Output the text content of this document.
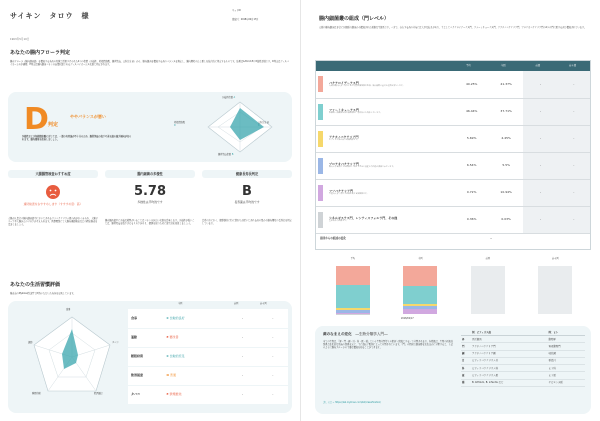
サイキン　タロウ　様
1963年5月10日
キットID
採取日：2018年02月17日
あなたの腸内フローラ判定
腸内フローラ（腸内細菌叢）を構成する各菌の特徴と関連づけられた4つの指標（多様性、短鎖脂肪酸、腸管免疫、口腔常在菌）から、腸内細菌を構成する菌のバランスを測定し、腸内環境の良し悪しを総合的に判定するものです。結果はA,B,C,D,Eの5段階評価です。D判定はディスバイオーシス予備群、E判定は腸内細菌バランス崩壊状態であるディスバイオーシス状態と判定されます。
D 判定
ややバランスが悪い
多様性および短鎖脂肪酸に対しては、一部の有用菌が不十分のため、腸管免疫の低下や善玉菌の減少傾向が見られます。腸内環境を改善しましょう。
多様性指数 A
口腔常在菌
C
腸管免疫指数 B
短鎖脂肪酸
D
大腸腸管検査おすすめ度
適切検査をおすすめします（すすすめ度：高）
大腸がん患者の腸内細菌叢中に多いとされるフソバクテリウム属の菌が多くみられ、大腸ポリープや大腸がんのリスクが考えられます。医療機関にて大腸内視鏡検査などの精密検査を受診しましょう。
腸内細菌の多様性
5.78
多様性は平均的です
腸内細菌叢中に多様な種類がいることはバランスが良い状態を意味します。多様性が低いことは、腸管免疫を低下させるリスクがあり、健康を保つために食生活を見直しましょう。
健康長寿長判定
B
長寿菌は平均的です
長寿の方に多く、健康維持に特に関わりが深いとされる菌の量から腸内環境の長寿度を判定しています。
あなたの生活習慣評価
検査前のMykinso問診票で回答いただいた内容を反映しています。
食事
タバコ
飲酒頻度
睡眠時間
運動
今回	前回	前々回
食事	C 比較的良好	-	-
運動	E 要改善	-	-
睡眠時間	C 比較的充足	-	-
飲酒頻度	D 普通	-	-
タバコ	E 禁煙推奨	-	-
腸内細菌叢の組成（門レベル）
人間の腸内細菌は非常に多数種の細菌から構成された複雑な生態系です。一方で、存在する菌の分布には大きな偏りがあり、主としてバクテロイデーテス門、ファーミキューテス門、アクチノバクテリア門、プロテオバクテリア門の4つの門に属する菌で構成されています。
平均	今回	前回	前々回

	バクテロイデーテス門
人間の腸内に多く存在する代表的な細菌群の総称。腸内発酵に重要な役割を果たします。	40.25%	41.37%	-	-

	ファーミキューテス門
乳酸菌・酪酸菌を含む細菌群で、免疫系にも関係しています。	46.44%	37.71%	-	-

	アクチノバクテリア門
ビフィズス菌が属する細菌群です。	5.69%	4.45%	-	-

	プロテオバクテリア門
腸内に少量存在する菌群で、増えすぎると炎症との関連が指摘されています。	6.54%	5.5%	-	-

	フソバクテリア門
口腔内に多く存在する菌が属する細菌群です。	0.72%	10.94%	-	-

	シネルギステス門、レンティスフェエラ門、その他
上記以外の菌群です。	0.36%	0.03%	-	-
前回からの組成の変化	-
平均	今回	前回	前々回
2018/02/17
菌のなまえの変化　 ―生物分類学入門―
全ての生物は、「界・門・綱・目・科・属・種」という生物分類学上の階層（階級とする）で分類されます。各階級は、生物の祖先的関係と進化的な系統の関係を元に、主に遺伝子配列によって分類されています。「門」の階層で細菌群をおおまかに分類すると、上記のように腸内フローラの主要な構成を知ることができます。
詳しくは → https://lab.mykinso.com/list/classification/
	例：ビフィズス菌	例：ヒト
界	真正細菌	動物界
門	アクチノバクテリア門	脊索動物門
綱	アクチノバクテリア綱	哺乳綱
目	ビフィドバクテリウム目	霊長目
科	ビフィドバクテリウム科	ヒト科
属	ビフィドバクテリウム属	ヒト属
種	B. bifidum, B. infantis など	サピエンス種
